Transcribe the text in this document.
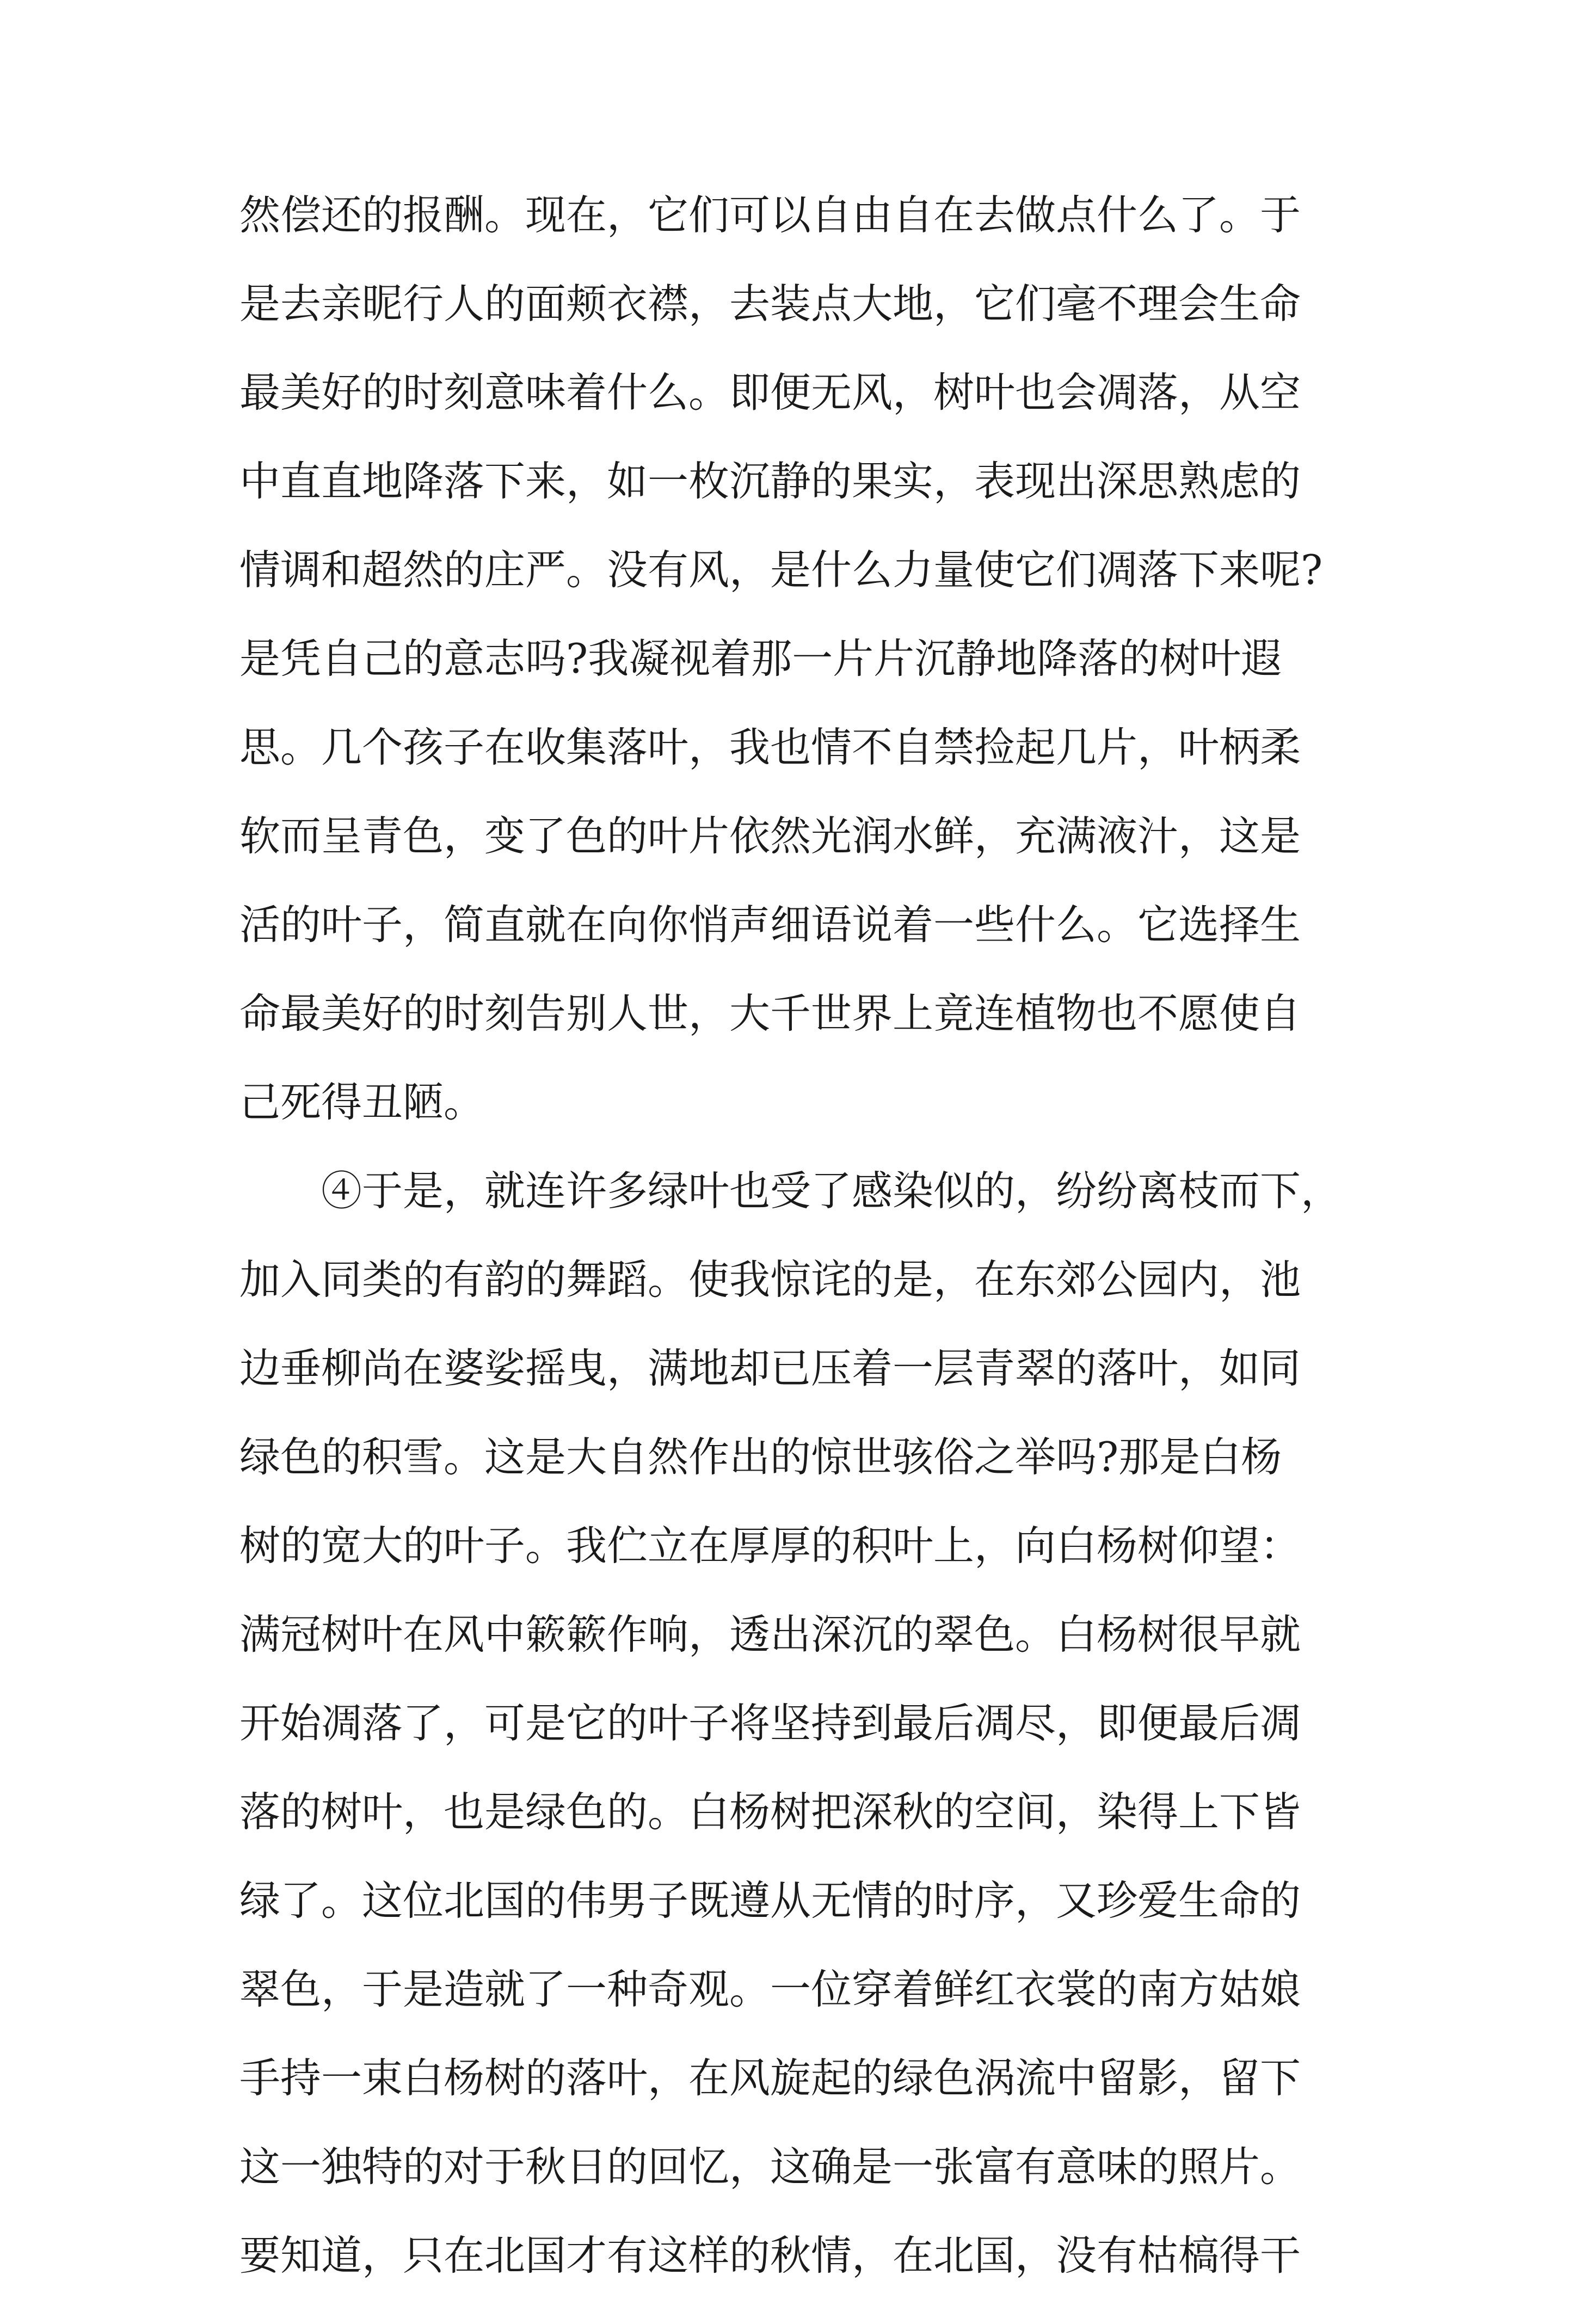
然偿还的报酬。现在，它们可以自由自在去做点什么了。于
是去亲昵行人的面颊衣襟，去装点大地，它们毫不理会生命
最美好的时刻意味着什么。即便无风，树叶也会凋落，从空
中直直地降落下来，如一枚沉静的果实，表现出深思熟虑的
情调和超然的庄严。没有风，是什么力量使它们凋落下来呢?
是凭自己的意志吗?我凝视着那一片片沉静地降落的树叶遐
思。几个孩子在收集落叶，我也情不自禁捡起几片，叶柄柔
软而呈青色，变了色的叶片依然光润水鲜，充满液汁，这是
活的叶子，简直就在向你悄声细语说着一些什么。它选择生
命最美好的时刻告别人世，大千世界上竟连植物也不愿使自
己死得丑陋。
④于是，就连许多绿叶也受了感染似的，纷纷离枝而下，
加入同类的有韵的舞蹈。使我惊诧的是，在东郊公园内，池
边垂柳尚在婆娑摇曳，满地却已压着一层青翠的落叶，如同
绿色的积雪。这是大自然作出的惊世骇俗之举吗?那是白杨
树的宽大的叶子。我伫立在厚厚的积叶上，向白杨树仰望：
满冠树叶在风中簌簌作响，透出深沉的翠色。白杨树很早就
开始凋落了，可是它的叶子将坚持到最后凋尽，即便最后凋
落的树叶，也是绿色的。白杨树把深秋的空间，染得上下皆
绿了。这位北国的伟男子既遵从无情的时序，又珍爱生命的
翠色，于是造就了一种奇观。一位穿着鲜红衣裳的南方姑娘
手持一束白杨树的落叶，在风旋起的绿色涡流中留影，留下
这一独特的对于秋日的回忆，这确是一张富有意味的照片。
要知道，只在北国才有这样的秋情，在北国，没有枯槁得干
